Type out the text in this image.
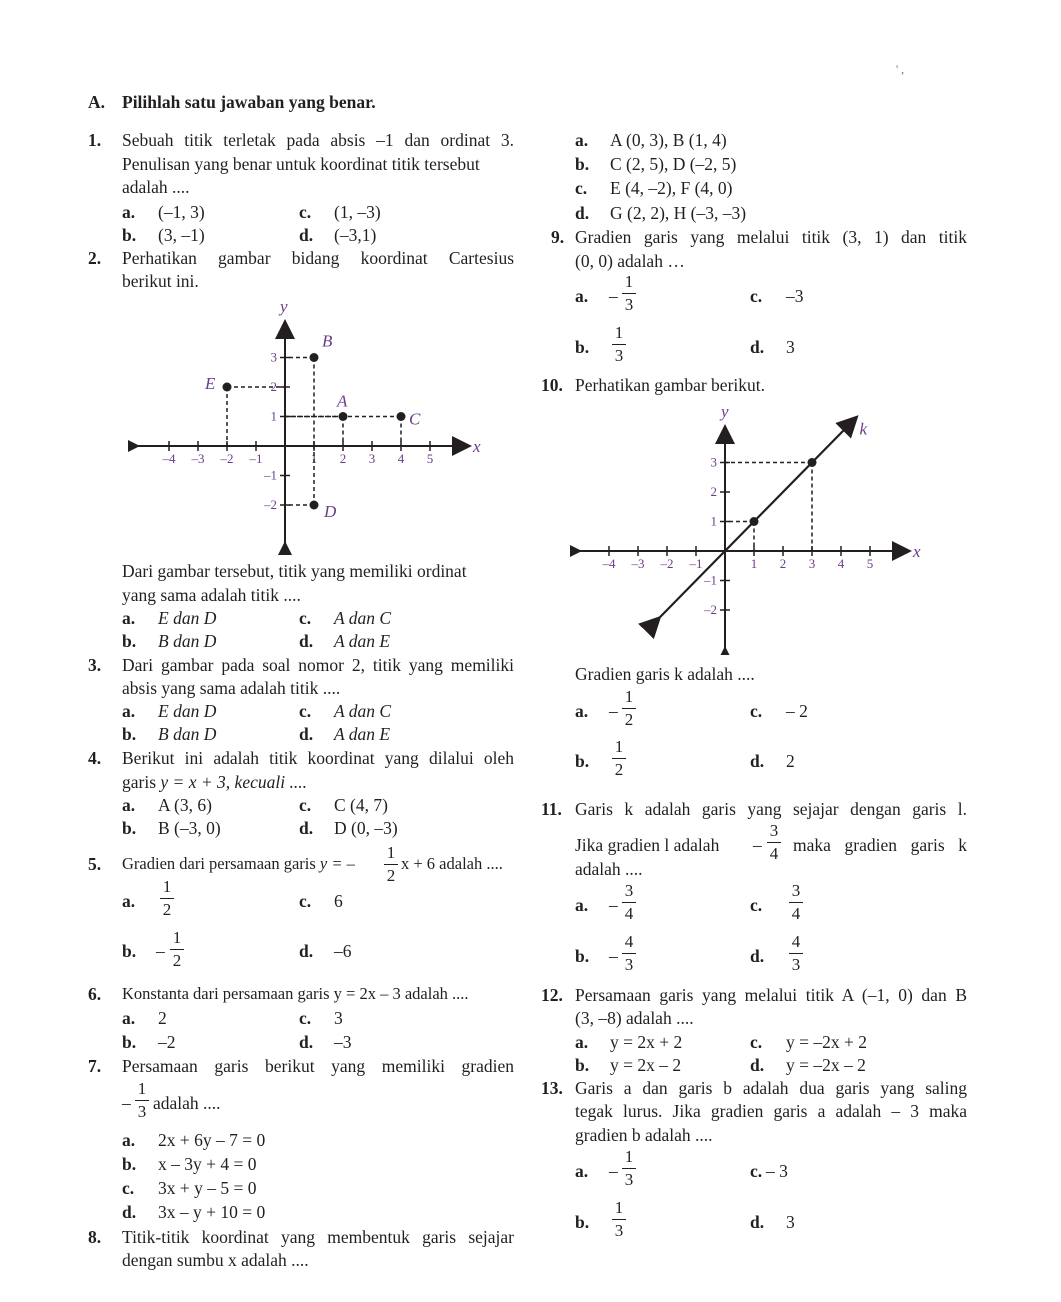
' ,
A. Pilihlah satu jawaban yang benar.
1. Sebuah titik terletak pada absis –1 dan ordinat 3.
Penulisan yang benar untuk koordinat titik tersebut
adalah ....
a. (–1, 3)	c. (1, –3)
b. (3, –1)	d. (–3,1)
2. Perhatikan gambar bidang koordinat Cartesius
berikut ini.
x
y
–4 –3 –2 –1	1 2 3 4 5
3
2
1
–1
–2
B
E
A
C
D
Dari gambar tersebut, titik yang memiliki ordinat
yang sama adalah titik ....
a. E dan D	c. A dan C
b. B dan D	d. A dan E
3. Dari gambar pada soal nomor 2, titik yang memiliki
absis yang sama adalah titik ....
a. E dan D	c. A dan C
b. B dan D	d. A dan E
4. Berikut ini adalah titik koordinat yang dilalui oleh
garis y = x + 3, kecuali ....
a. A (3, 6)	c. C (4, 7)
b. B (–3, 0)	d. D (0, –3)
5. Gradien dari persamaan garis y = –
1
2
x + 6 adalah ....
a.
1
2	c. 6
b. –
1
2	d. –6
6. Konstanta dari persamaan garis y = 2x – 3 adalah ....
a. 2	c. 3
b. –2	d. –3
7. Persamaan garis berikut yang memiliki gradien
–
1
3 adalah ....
a. 2x + 6y – 7 = 0
b. x – 3y + 4 = 0
c. 3x + y – 5 = 0
d. 3x – y + 10 = 0
8. Titik-titik koordinat yang membentuk garis sejajar
dengan sumbu x adalah ....
a. A (0, 3), B (1, 4)
b. C (2, 5), D (–2, 5)
c. E (4, –2), F (4, 0)
d. G (2, 2), H (–3, –3)
9. Gradien garis yang melalui titik (3, 1) dan titik
(0, 0) adalah …
a. –
1
3	c. –3
b.
1
3	d. 3
10. Perhatikan gambar berikut.
x
y
–4 –3 –2 –1	1 2 3 4 5
3
2
1
–1
–2
k
Gradien garis k adalah ....
a. –
1
2	c. – 2
b.
1
2	d. 2
11. Garis k adalah garis yang sejajar dengan garis l.
Jika gradien l adalah –
3
4 maka gradien garis k
adalah ....
a. –
3
4	c.
3
4
b. –
4
3	d.
4
3
12. Persamaan garis yang melalui titik A (–1, 0) dan B
(3, –8) adalah ....
a. y = 2x + 2	c. y = –2x + 2
b. y = 2x – 2	d. y = –2x – 2
13. Garis a dan garis b adalah dua garis yang saling
tegak lurus. Jika gradien garis a adalah – 3 maka
gradien b adalah ....
a. –
1
3	c. – 3
b.
1
3	d. 3
